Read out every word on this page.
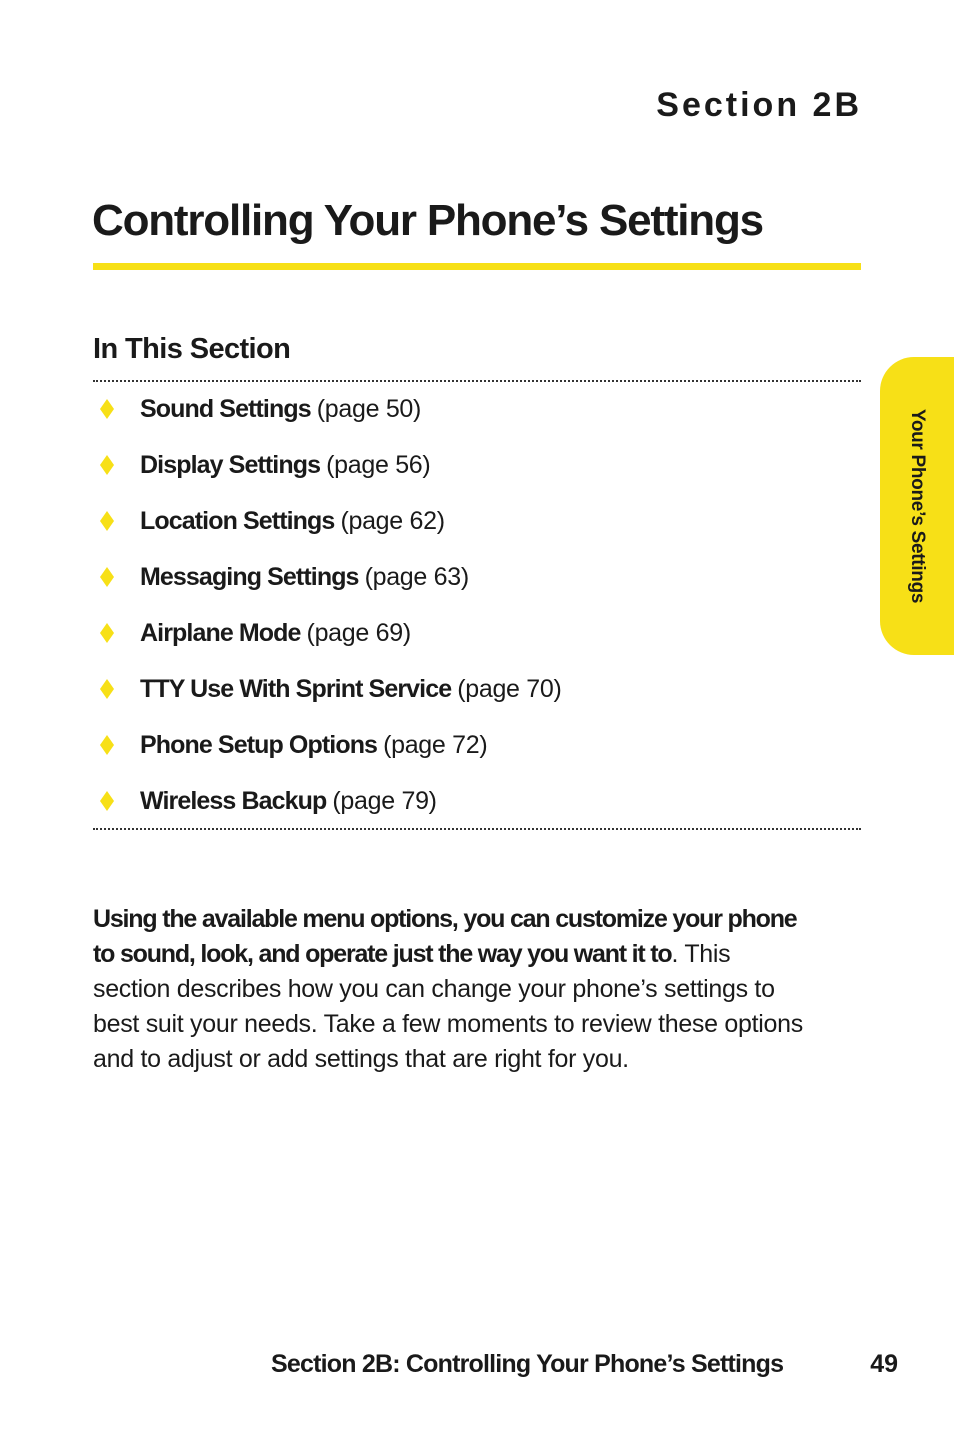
Section 2B
Controlling Your Phone’s Settings
In This Section
Sound Settings (page 50)
Display Settings (page 56)
Location Settings (page 62)
Messaging Settings (page 63)
Airplane Mode (page 69)
TTY Use With Sprint Service (page 70)
Phone Setup Options (page 72)
Wireless Backup (page 79)

Using the available menu options, you can customize your phone to sound, look, and operate just the way you want it to. This section describes how you can change your phone’s settings to best suit your needs. Take a few moments to review these options and to adjust or add settings that are right for you.

Your Phone’s Settings
Section 2B: Controlling Your Phone’s Settings	49
